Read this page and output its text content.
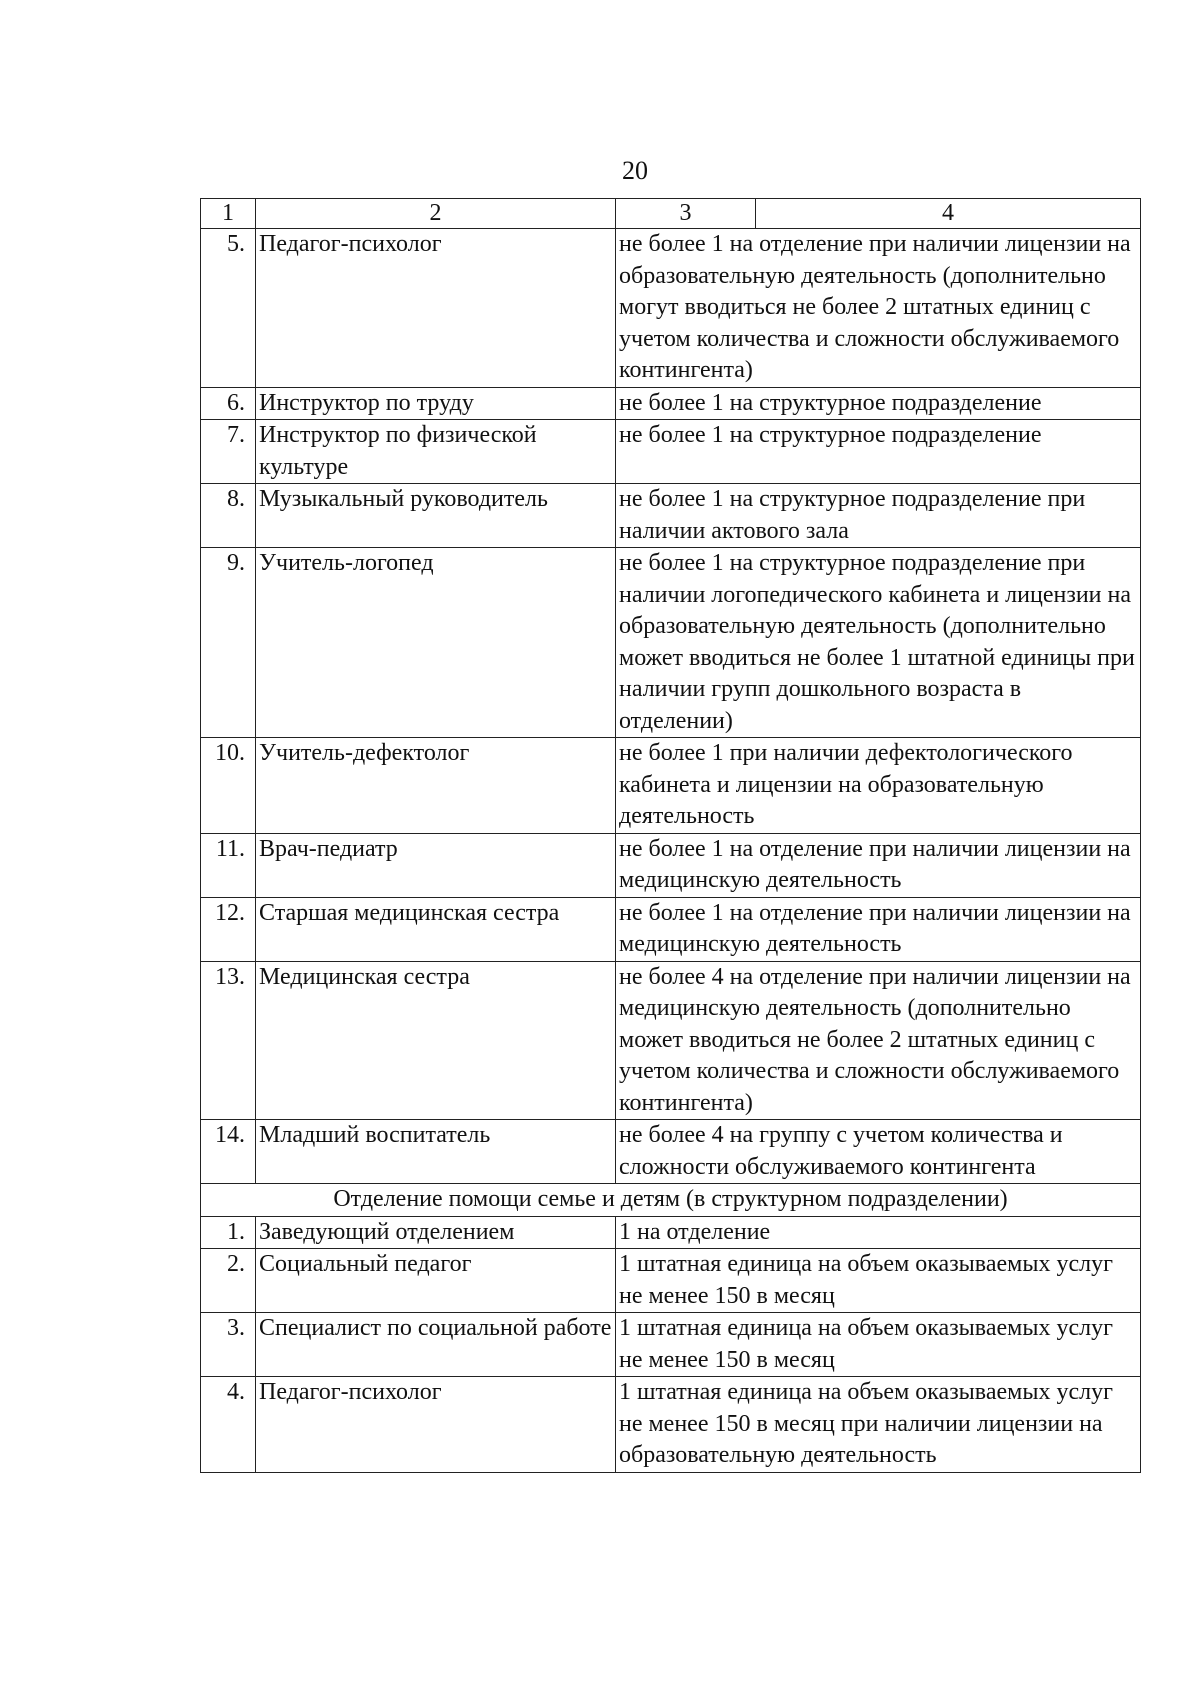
20
1	2	3	4
5.	Педагог-психолог	не более 1 на отделение при наличии лицензии на образовательную деятельность (дополнительно могут вводиться не более 2 штатных единиц с учетом количества и сложности обслуживаемого контингента)	
6.	Инструктор по труду	не более 1 на структурное подразделение	
7.	Инструктор по физической культуре	не более 1 на структурное подразделение	
8.	Музыкальный руководитель	не более 1 на структурное подразделение при наличии актового зала	
9.	Учитель-логопед	не более 1 на структурное подразделение при наличии логопедического кабинета и лицензии на образовательную деятельность (дополнительно может вводиться не более 1 штатной единицы при наличии групп дошкольного возраста в отделении)	
10.	Учитель-дефектолог	не более 1 при наличии дефектологического кабинета и лицензии на образовательную деятельность	
11.	Врач-педиатр	не более 1 на отделение при наличии лицензии на медицинскую деятельность	
12.	Старшая медицинская сестра	не более 1 на отделение при наличии лицензии на медицинскую деятельность	
13.	Медицинская сестра	не более 4 на отделение при наличии лицензии на медицинскую деятельность (дополнительно может вводиться не более 2 штатных единиц с учетом количества и сложности обслуживаемого контингента)	
14.	Младший воспитатель	не более 4 на группу с учетом количества и сложности обслуживаемого контингента	
Отделение помощи семье и детям (в структурном подразделении)			
1.	Заведующий отделением	1 на отделение	
2.	Социальный педагог	1 штатная единица на объем оказываемых услуг не менее 150 в месяц	
3.	Специалист по социальной работе	1 штатная единица на объем оказываемых услуг не менее 150 в месяц	
4.	Педагог-психолог	1 штатная единица на объем оказываемых услуг не менее 150 в месяц при наличии лицензии на образовательную деятельность	
